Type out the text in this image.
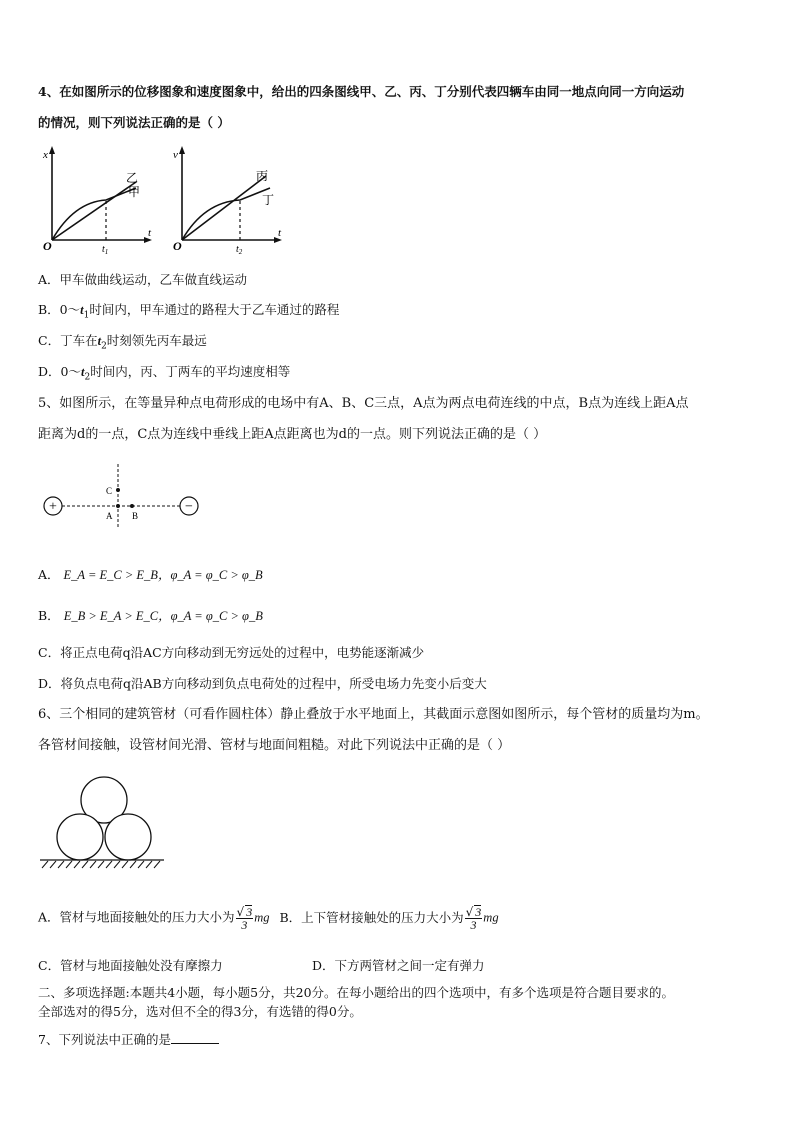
4、在如图所示的位移图象和速度图象中，给出的四条图线甲、乙、丙、丁分别代表四辆车由同一地点向同一方向运动
的情况，则下列说法正确的是（ ）
x
t
O	$t_1$
乙
甲
v
t
O	$t_2$
丙
丁
A．甲车做曲线运动，乙车做直线运动
B．$0\sim t_1$时间内，甲车通过的路程大于乙车通过的路程
C．丁车在$t_2$时刻领先丙车最远
D．$0\sim t_2$时间内，丙、丁两车的平均速度相等
5、如图所示，在等量异种点电荷形成的电场中有A、B、C三点，A点为两点电荷连线的中点，B点为连线上距A点
距离为d的一点，C点为连线中垂线上距A点距离也为d的一点。则下列说法正确的是（ ）
+	−
C
A B
A． E_A = E_C > E_B，φ_A = φ_C > φ_B
B． E_B > E_A > E_C，φ_A = φ_C > φ_B
C．将正点电荷q沿AC方向移动到无穷远处的过程中，电势能逐渐减少
D．将负点电荷q沿AB方向移动到负点电荷处的过程中，所受电场力先变小后变大
6、三个相同的建筑管材（可看作圆柱体）静止叠放于水平地面上，其截面示意图如图所示，每个管材的质量均为m。
各管材间接触，设管材间光滑、管材与地面间粗糙。对此下列说法中正确的是（ ）
A．管材与地面接触处的压力大小为 $\frac{√ 3}{3}$ mg B．上下管材接触处的压力大小为 $\frac{√ 3}{3}$ mg
C．管材与地面接触处没有摩擦力	D．下方两管材之间一定有弹力
二、多项选择题:本题共4小题，每小题5分，共20分。在每小题给出的四个选项中，有多个选项是符合题目要求的。
全部选对的得5分，选对但不全的得3分，有选错的得0分。
7、下列说法中正确的是
